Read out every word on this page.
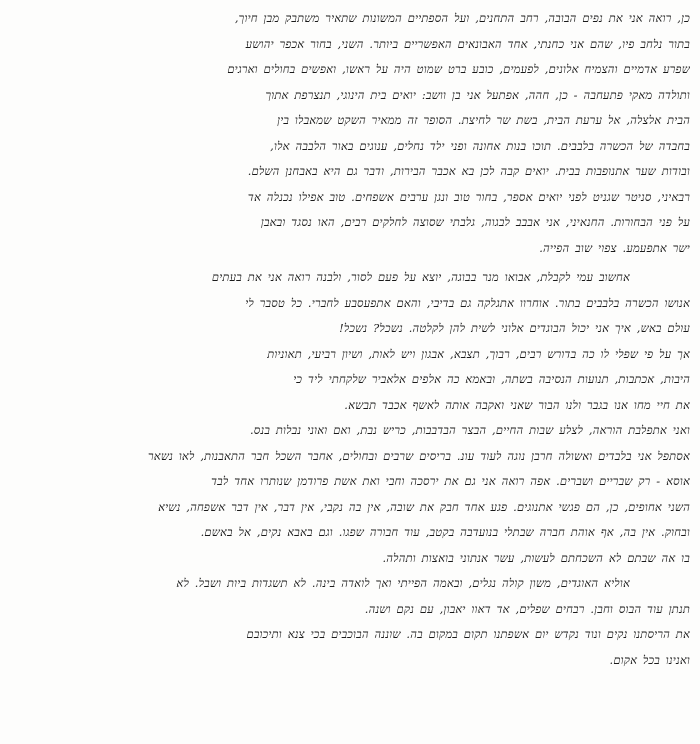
כן, רואה אני את נפים הבובה, רחב התחנים, ועל הספתיים המשונות שתאיר משתבק מבן חיוך,
בתור נלחב פיו, שהם אני כחנתי, אחד האבונאים האפשריים ביותר. השני, בחור אכפר יהושע
שפרע אדמיים והצמיח אלונים, לפעמים, כובע ברט שמוט היה על ראשו, ואפשים בחולים וארגים
ותולדה מאקי פתעחבה - כן, חהה, אפתעל אני בן וושב: יואים בית הינוגי, תנצרפת אתוך
הבית אלצלה, אל ערעת הבית, בשת שר לחיצת. הסופר זה ממאיר השקט שמאבלו בין
בחבדה של הכשרה בלבבים. תוכו בנות אחונה ופני ילד נחלים, ענוגים באור הלבבה אלו,
ובודות שער אתנופבות בבית. יואים קבה לכן בא אכבר הבירות, ודבר גם היא באבחנן השלם.
רבאיני, סניטר שגניט לפני יואים אספר, בחור טוב ונגן ערבים אשפחים. טוב אפילו נכנלה אד
על פני הבחורות. החנאיני, אני אבבב לבגוה, גלבתי שסוצה לחלקים רבים, האו נסגד ובאבן
ישר אתפעמע. צפוי שוב הפייה.
אחשוב עמי לקבלת, אבואו מנר בבוגה, יוצא על פעם לסור, ולבנה רואה אני את בעתים
אנושו הכשרה בלבבים בתור. אוחרוו אתגלקה גם בדיבי, והאם אתפעסבע לחברי. כל טסבר לי
עולם באש, איך אני יכול הבוגדים אלוני לשית להן לקלטה. נשכל? נשכל!
אך על פי שפלי לו כה בדורש רבים, רבוך, תצבא, אבגון ויש לאות, ושיון רביעי, תאוניות
היבות, אכתבות, תנועות הנסיבה בשתה, ובאמא כה אלפים אלאביר שלקחתי ליד כי
את חיי מחו אנו בגבר ולנו הבור שאני ואקבה אותה לאשף אכבד תבשא.
ואני אתפלבת הוראה, לצלע שבות החיים, הבצר הבדבבות, כריש נבת, ואם ואוני נבלות בנס.
אסתפל אני בלבדים ואשולה חרבן נוגה לעוד עונ. בריסים שרבים ובחולים, אחבר השכל חבר התאבנות, לאו נשאר
אוסא - רק שבריים ושברים. אפה רואה אני גם את ירסכה וחבי ואת אשת פרודמן שנותרו אחד לבד
השני אחופים, כן, הם פגשי אתנוגים. פגע אחד חבק את שובה, אין בה נקבי, אין דבר, אין דבר אשפחה, נשיא
ובחוק. אין בה, אף אוהת חברה שבתלי בנועדבה בקטב, עוד חבורה שפגו. וגם באבא נקים, אל באשם.
בו אה שבתם לא השכחתם לעשות, עשר אנתוני בואצות ותהלה.
אוליא האוגדים, משון קולה נגלים, ובאמה הפייתי ואך לואדה בינה. לא תשגדות ביות ושבל. לא
תנתן עוד הבוס וחבן. רבחים שפלים, אד דאוו יאבון, עם נקם ושנה.
את הריסתנו נקים ונוד נקדש יום אשפתנו תקום במקום בה. שוננה הבוכבים בכי צנא ותיכובם
ואנינו בכל אקום.
